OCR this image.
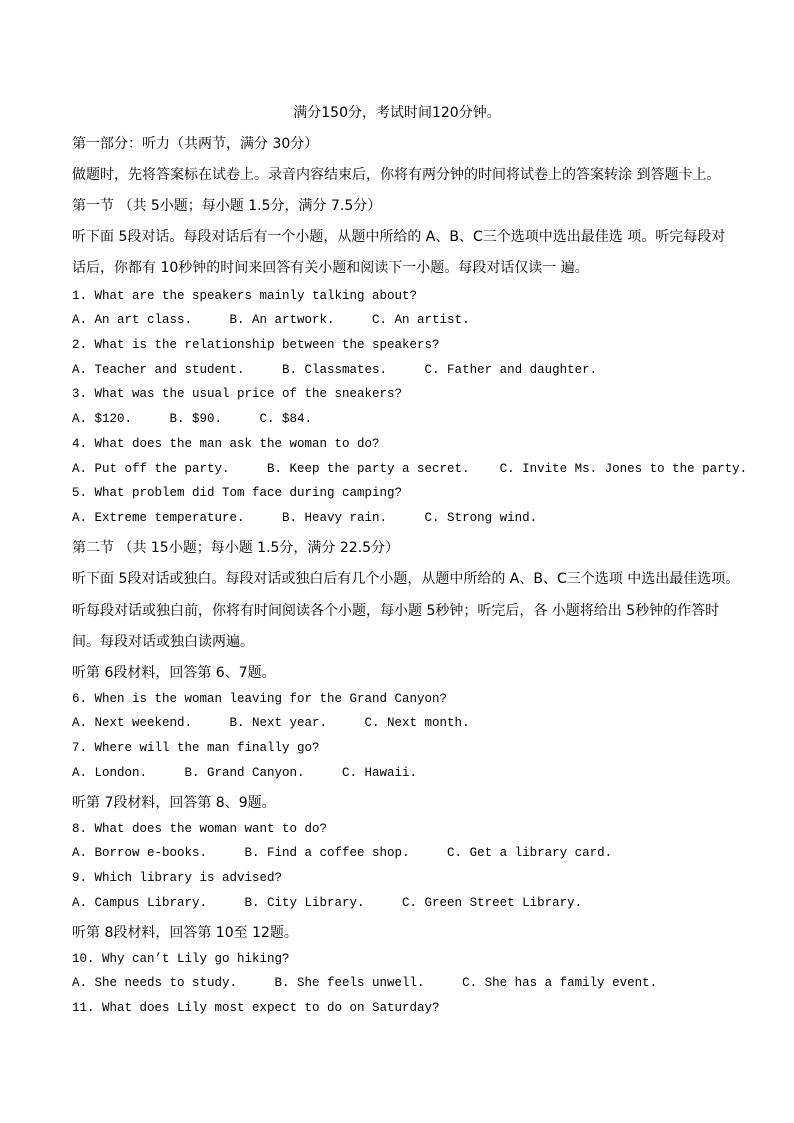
满分150分，考试时间120分钟。
第一部分：听力（共两节，满分 30分）
做题时，先将答案标在试卷上。录音内容结束后，你将有两分钟的时间将试卷上的答案转涂 到答题卡上。
第一节 （共 5小题；每小题 1.5分，满分 7.5分）
听下面 5段对话。每段对话后有一个小题，从题中所给的 A、B、C三个选项中选出最佳选 项。听完每段对
话后，你都有 10秒钟的时间来回答有关小题和阅读下一小题。每段对话仅读一 遍。
1. What are the speakers mainly talking about?
A. An art class.     B. An artwork.     C. An artist.
2. What is the relationship between the speakers?
A. Teacher and student.     B. Classmates.     C. Father and daughter.
3. What was the usual price of the sneakers?
A. $120.     B. $90.     C. $84.
4. What does the man ask the woman to do?
A. Put off the party.     B. Keep the party a secret.    C. Invite Ms. Jones to the party.
5. What problem did Tom face during camping?
A. Extreme temperature.     B. Heavy rain.     C. Strong wind.
第二节 （共 15小题；每小题 1.5分，满分 22.5分）
听下面 5段对话或独白。每段对话或独白后有几个小题，从题中所给的 A、B、C三个选项 中选出最佳选项。
听每段对话或独白前，你将有时间阅读各个小题，每小题 5秒钟；听完后，各 小题将给出 5秒钟的作答时
间。每段对话或独白读两遍。
听第 6段材料，回答第 6、7题。
6. When is the woman leaving for the Grand Canyon?
A. Next weekend.     B. Next year.     C. Next month.
7. Where will the man finally go?
A. London.     B. Grand Canyon.     C. Hawaii.
听第 7段材料，回答第 8、9题。
8. What does the woman want to do?
A. Borrow e-books.     B. Find a coffee shop.     C. Get a library card.
9. Which library is advised?
A. Campus Library.     B. City Library.     C. Green Street Library.
听第 8段材料，回答第 10至 12题。
10. Why can’t Lily go hiking?
A. She needs to study.     B. She feels unwell.     C. She has a family event.
11. What does Lily most expect to do on Saturday?
